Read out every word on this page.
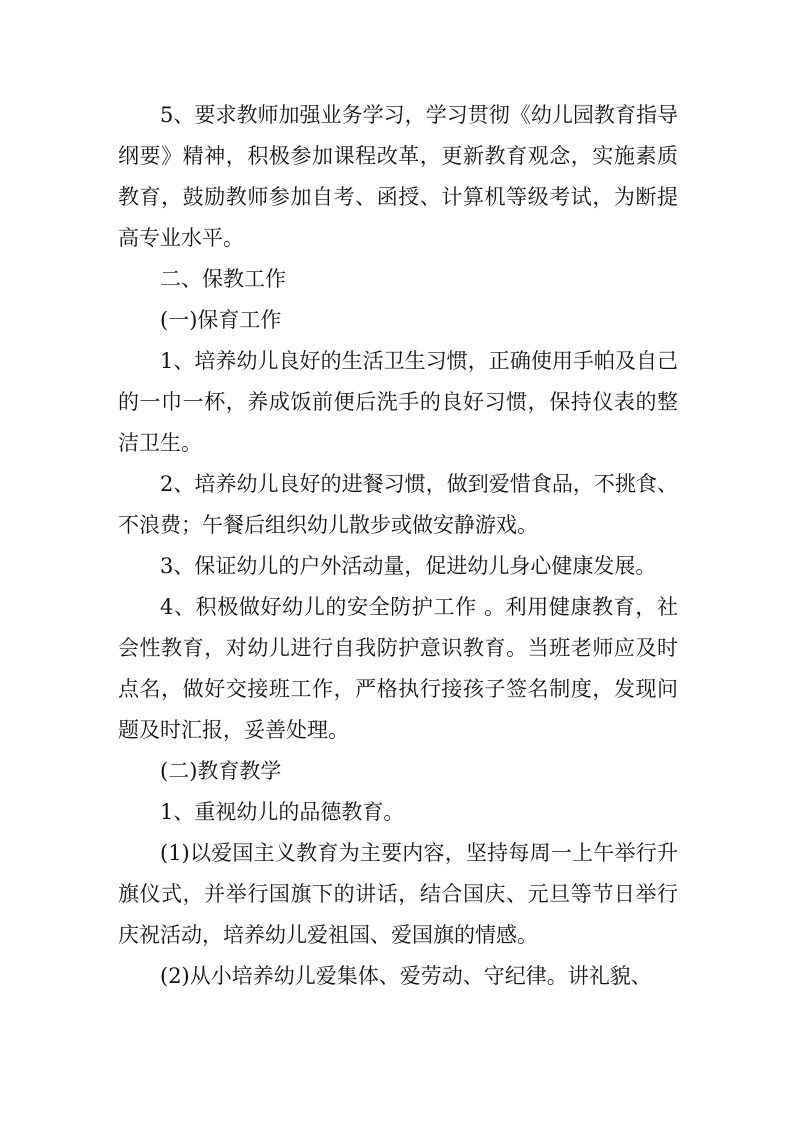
5、要求教师加强业务学习，学习贯彻《幼儿园教育指导纲要》精神，积极参加课程改革，更新教育观念，实施素质教育，鼓励教师参加自考、函授、计算机等级考试，为断提高专业水平。

二、保教工作

(一)保育工作

1、培养幼儿良好的生活卫生习惯，正确使用手帕及自己的一巾一杯，养成饭前便后洗手的良好习惯，保持仪表的整洁卫生。

2、培养幼儿良好的进餐习惯，做到爱惜食品，不挑食、不浪费；午餐后组织幼儿散步或做安静游戏。

3、保证幼儿的户外活动量，促进幼儿身心健康发展。

4、积极做好幼儿的安全防护工作 。利用健康教育，社会性教育，对幼儿进行自我防护意识教育。当班老师应及时点名，做好交接班工作，严格执行接孩子签名制度，发现问题及时汇报，妥善处理。

(二)教育教学

1、重视幼儿的品德教育。

(1)以爱国主义教育为主要内容，坚持每周一上午举行升旗仪式，并举行国旗下的讲话，结合国庆、元旦等节日举行庆祝活动，培养幼儿爱祖国、爱国旗的情感。

(2)从小培养幼儿爱集体、爱劳动、守纪律。讲礼貌、
